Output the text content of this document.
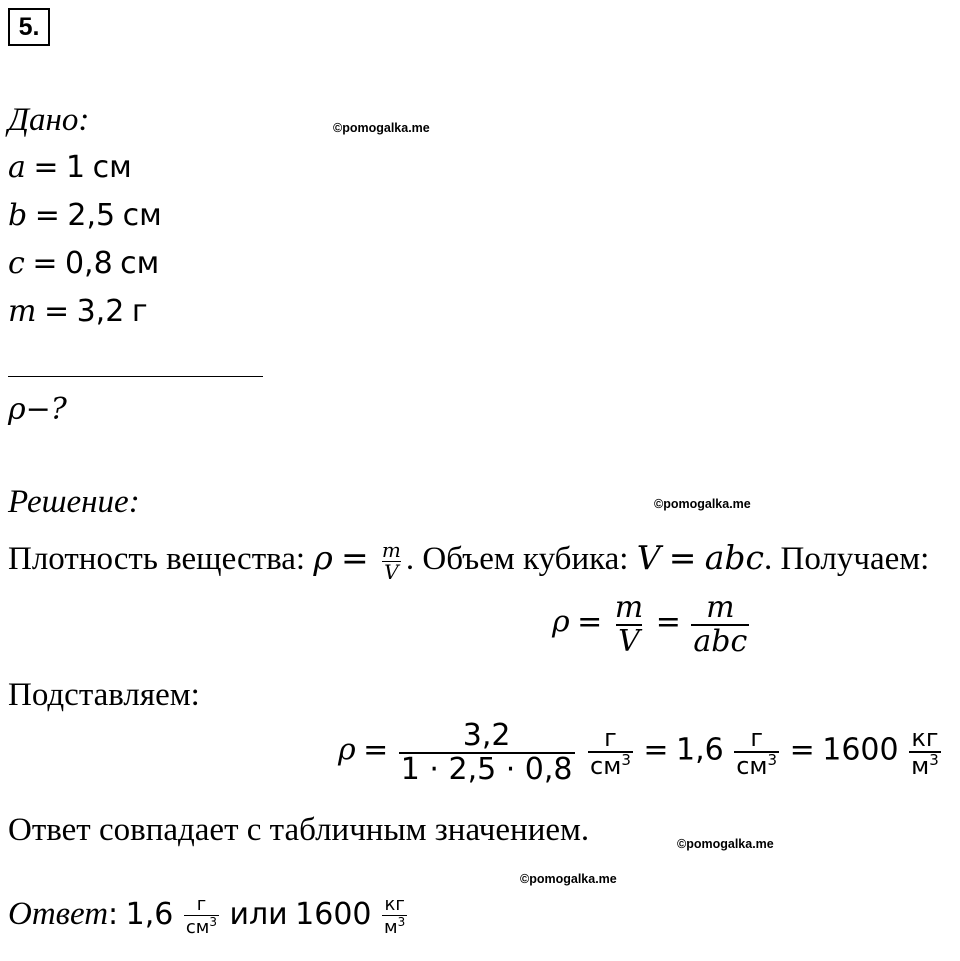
5.
©pomogalka.me
©pomogalka.me
©pomogalka.me
©pomogalka.me
Дано:
a = 1 см
b = 2,5 см
c = 0,8 см
m = 3,2 г
ρ−?
Решение:
Плотность вещества: $\rho = \frac{m}{V}$ . Объем кубика: V = abc. Получаем:
$\rho = \frac{m}{V} = \frac{m}{\text{abc}}$
Подставляем:
$\rho = \frac{3,2}{1 \cdot 2,5 \cdot 0,8}$
$\frac{г}{см^3} = 1,6 \frac{г}{см^3} = 1600 \frac{кг}{м^3}$
Ответ совпадает с табличным значением.
Ответ: $1,6 \frac{г}{см^3}$ или $1600 \frac{кг}{м^3}$
